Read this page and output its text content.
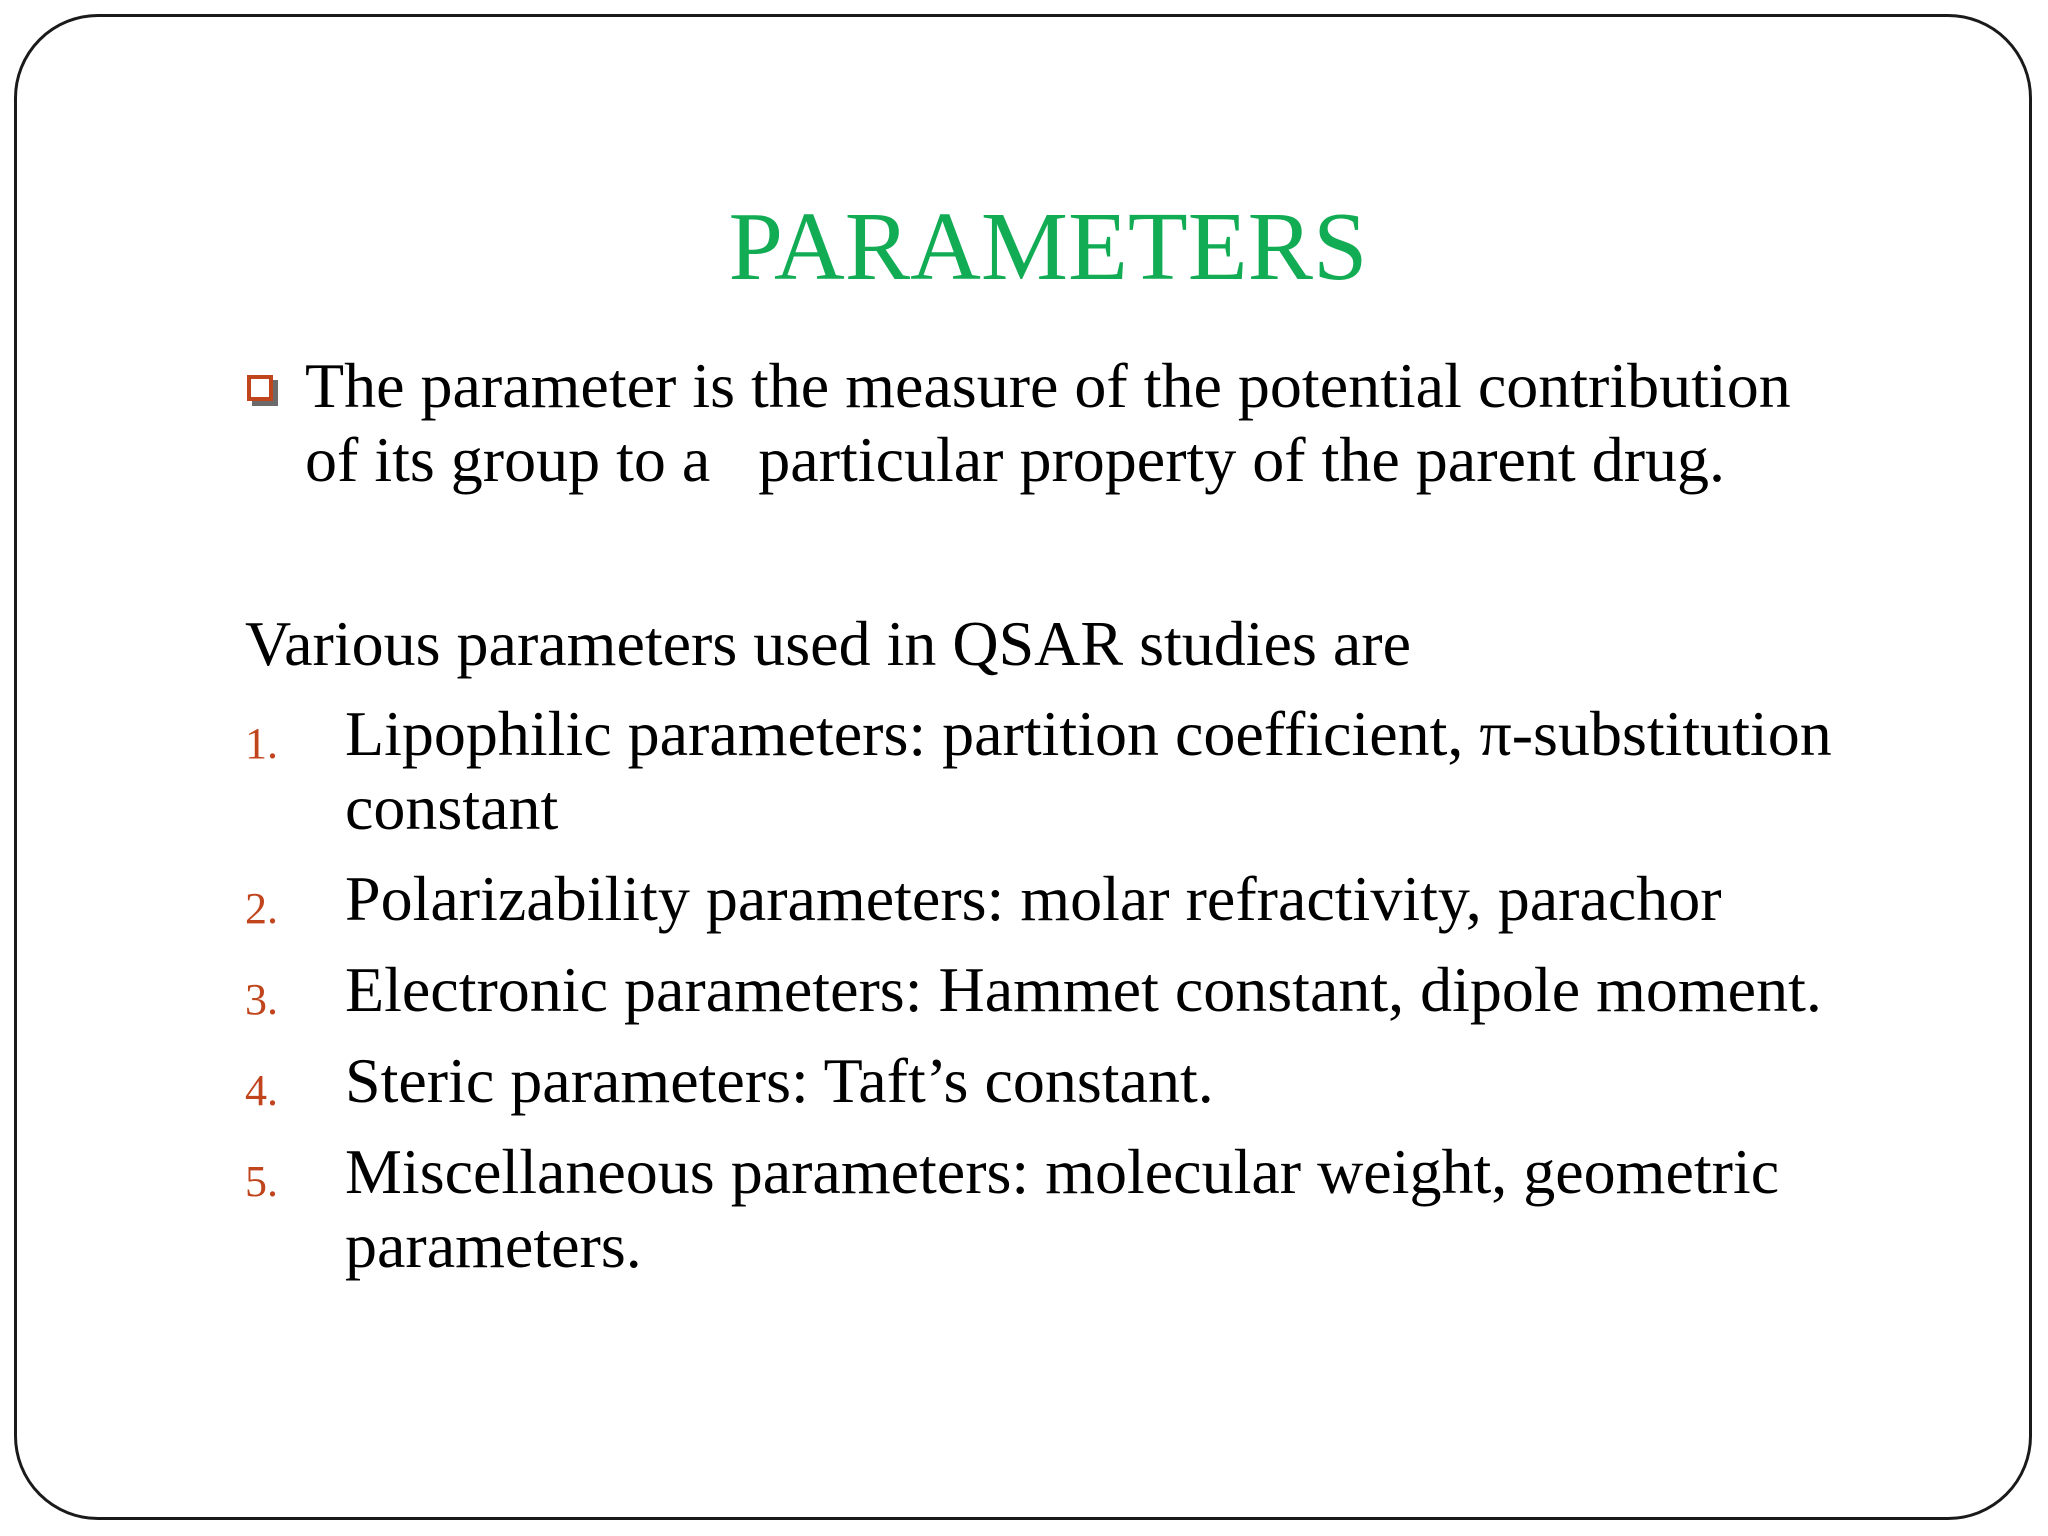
PARAMETERS
The parameter is the measure of the potential contribution
of its group to a   particular property of the parent drug.
Various parameters used in QSAR studies are
1. Lipophilic parameters: partition coefficient, π-substitution
constant
2. Polarizability parameters: molar refractivity, parachor
3. Electronic parameters: Hammet constant, dipole moment.
4. Steric parameters: Taft’s constant.
5. Miscellaneous parameters: molecular weight, geometric
parameters.
